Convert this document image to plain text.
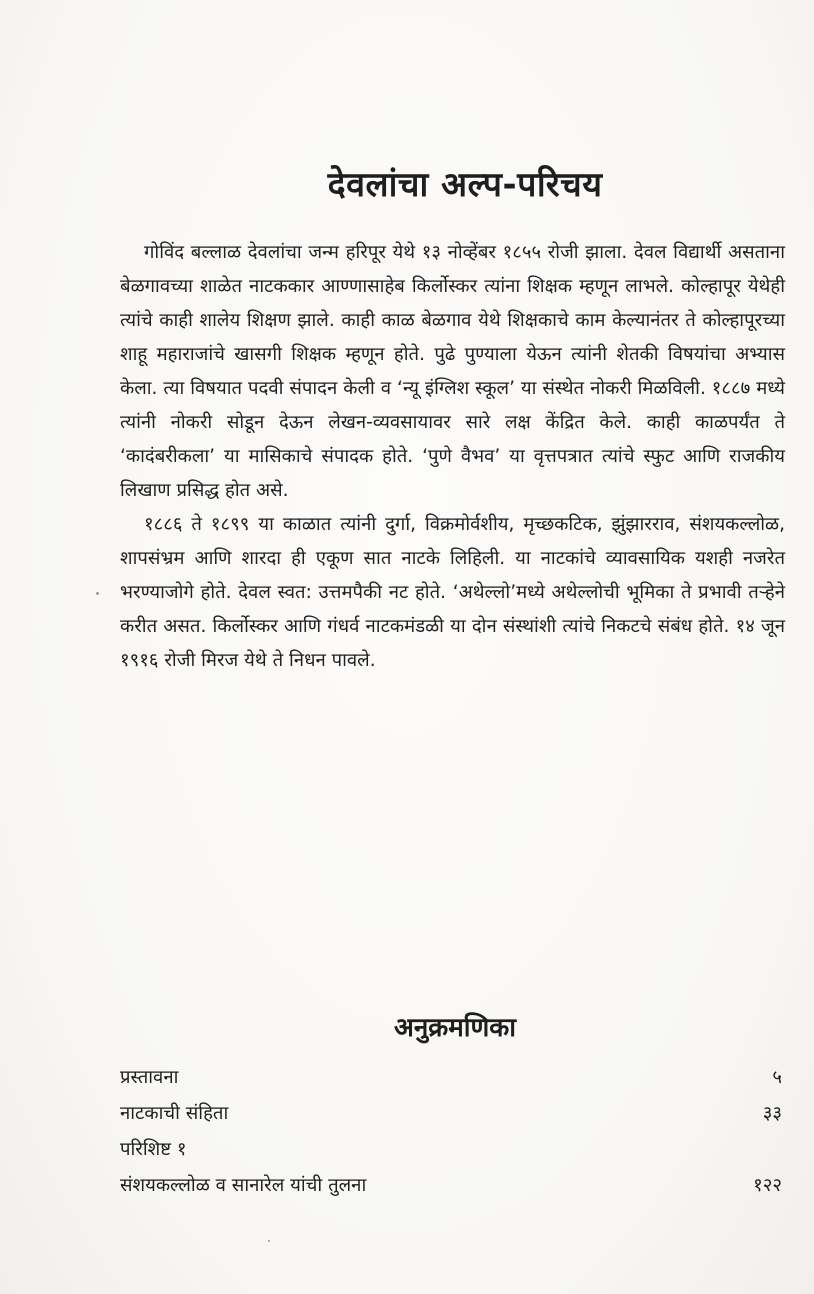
देवलांचा अल्प-परिचय

गोविंद बल्लाळ देवलांचा जन्म हरिपूर येथे १३ नोव्हेंबर १८५५ रोजी झाला. देवल विद्यार्थी असताना बेळगावच्या शाळेत नाटककार आण्णासाहेब किर्लोस्कर त्यांना शिक्षक म्हणून लाभले. कोल्हापूर येथेही त्यांचे काही शालेय शिक्षण झाले. काही काळ बेळगाव येथे शिक्षकाचे काम केल्यानंतर ते कोल्हापूरच्या शाहू महाराजांचे खासगी शिक्षक म्हणून होते. पुढे पुण्याला येऊन त्यांनी शेतकी विषयांचा अभ्यास केला. त्या विषयात पदवी संपादन केली व ‘न्यू इंग्लिश स्कूल’ या संस्थेत नोकरी मिळविली. १८८७ मध्ये त्यांनी नोकरी सोडून देऊन लेखन-व्यवसायावर सारे लक्ष केंद्रित केले. काही काळपर्यंत ते ‘कादंबरीकला’ या मासिकाचे संपादक होते. ‘पुणे वैभव’ या वृत्तपत्रात त्यांचे स्फुट आणि राजकीय लिखाण प्रसिद्ध होत असे.

१८८६ ते १८९९ या काळात त्यांनी दुर्गा, विक्रमोर्वशीय, मृच्छकटिक, झुंझारराव, संशयकल्लोळ, शापसंभ्रम आणि शारदा ही एकूण सात नाटके लिहिली. या नाटकांचे व्यावसायिक यशही नजरेत भरण्याजोगे होते. देवल स्वत: उत्तमपैकी नट होते. ‘अथेल्लो’मध्ये अथेल्लोची भूमिका ते प्रभावी तऱ्हेने करीत असत. किर्लोस्कर आणि गंधर्व नाटकमंडळी या दोन संस्थांशी त्यांचे निकटचे संबंध होते. १४ जून १९१६ रोजी मिरज येथे ते निधन पावले.

अनुक्रमणिका
प्रस्तावना	५
नाटकाची संहिता	३३
परिशिष्ट १
संशयकल्लोळ व सानारेल यांची तुलना	१२२
